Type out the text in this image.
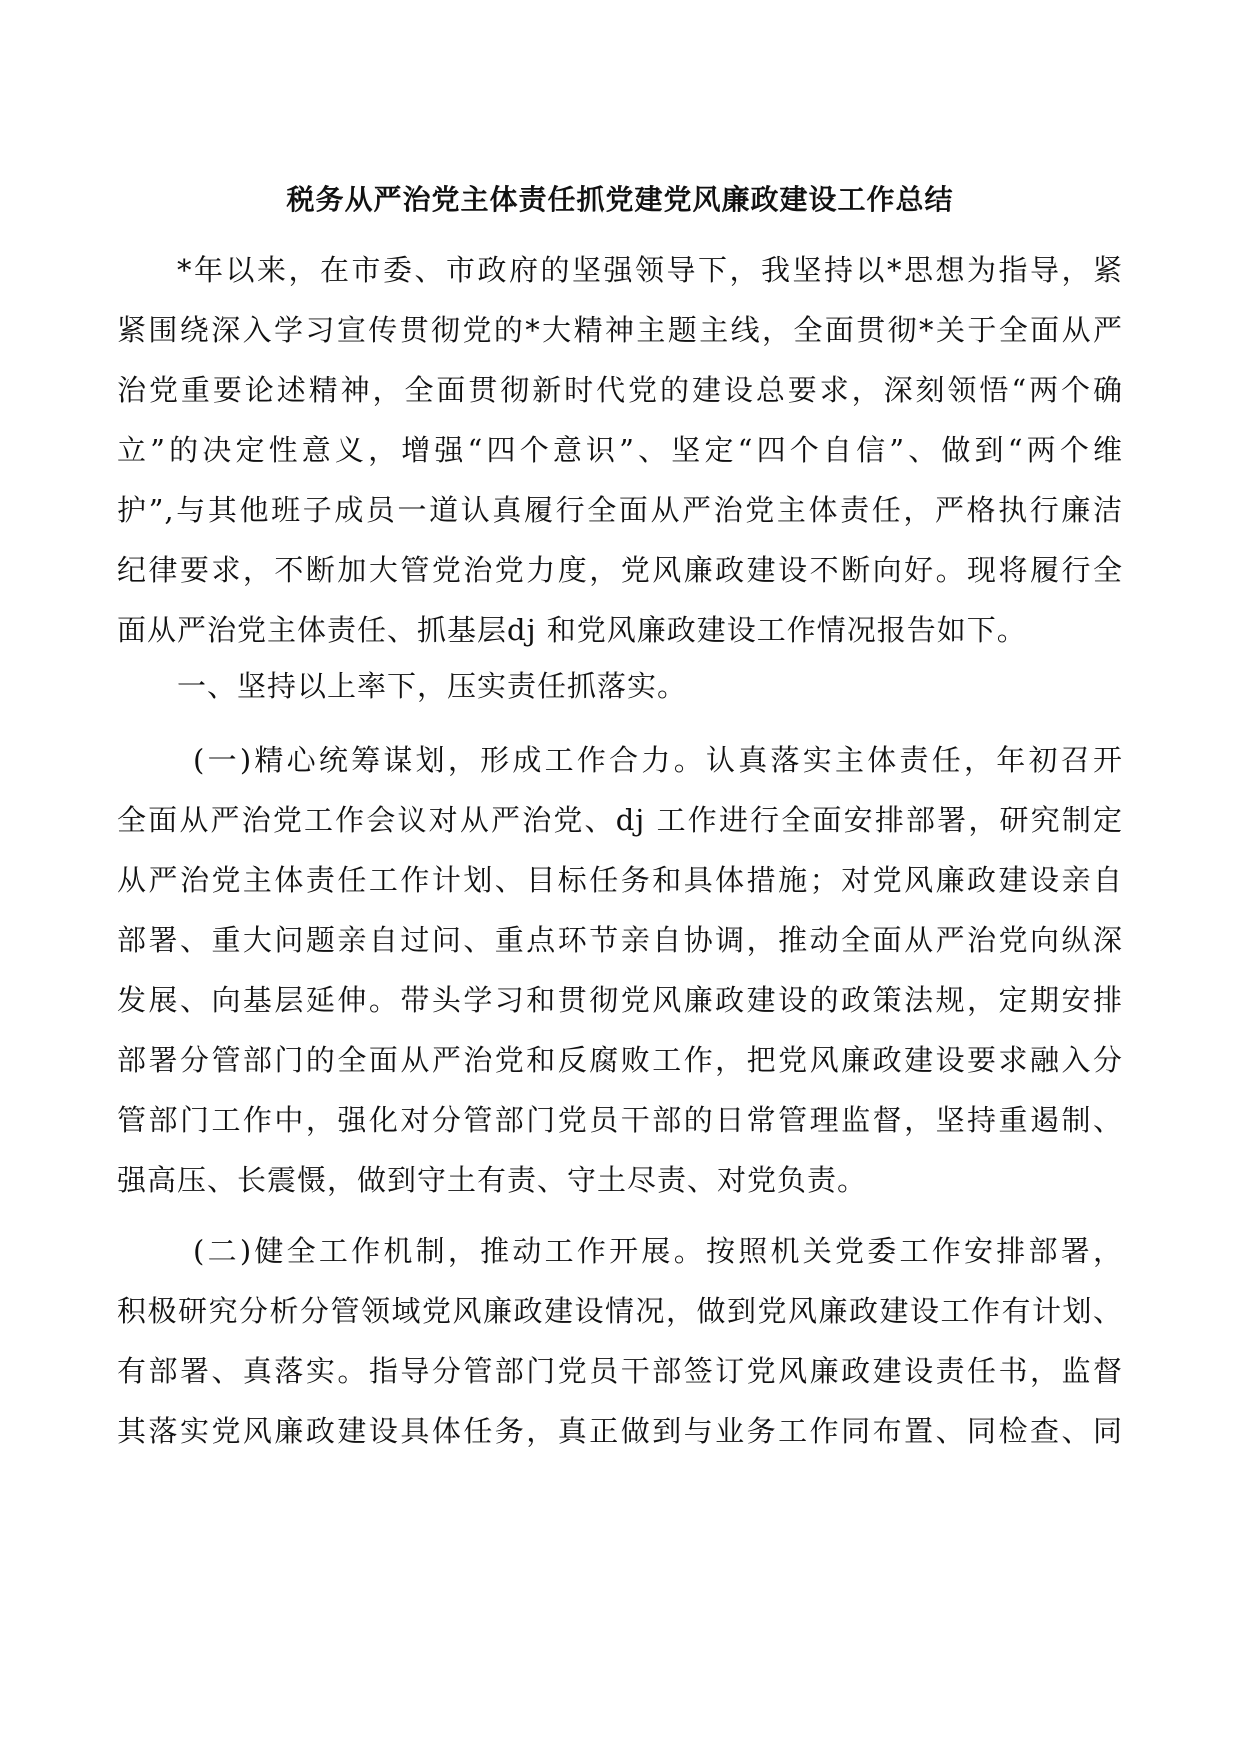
税务从严治党主体责任抓党建党风廉政建设工作总结
*年以来，在市委、市政府的坚强领导下，我坚持以*思想为指导，紧
紧围绕深入学习宣传贯彻党的*大精神主题主线，全面贯彻*关于全面从严
治党重要论述精神，全面贯彻新时代党的建设总要求，深刻领悟“两个确
立”的决定性意义，增强“四个意识”、坚定“四个自信”、做到“两个维
护”,与其他班子成员一道认真履行全面从严治党主体责任，严格执行廉洁
纪律要求，不断加大管党治党力度，党风廉政建设不断向好。现将履行全
面从严治党主体责任、抓基层dj 和党风廉政建设工作情况报告如下。
一、坚持以上率下，压实责任抓落实。
(一)精心统筹谋划，形成工作合力。认真落实主体责任，年初召开
全面从严治党工作会议对从严治党、dj 工作进行全面安排部署，研究制定
从严治党主体责任工作计划、目标任务和具体措施；对党风廉政建设亲自
部署、重大问题亲自过问、重点环节亲自协调，推动全面从严治党向纵深
发展、向基层延伸。带头学习和贯彻党风廉政建设的政策法规，定期安排
部署分管部门的全面从严治党和反腐败工作，把党风廉政建设要求融入分
管部门工作中，强化对分管部门党员干部的日常管理监督，坚持重遏制、
强高压、长震慑，做到守土有责、守土尽责、对党负责。
(二)健全工作机制，推动工作开展。按照机关党委工作安排部署，
积极研究分析分管领域党风廉政建设情况，做到党风廉政建设工作有计划、
有部署、真落实。指导分管部门党员干部签订党风廉政建设责任书，监督
其落实党风廉政建设具体任务，真正做到与业务工作同布置、同检查、同
